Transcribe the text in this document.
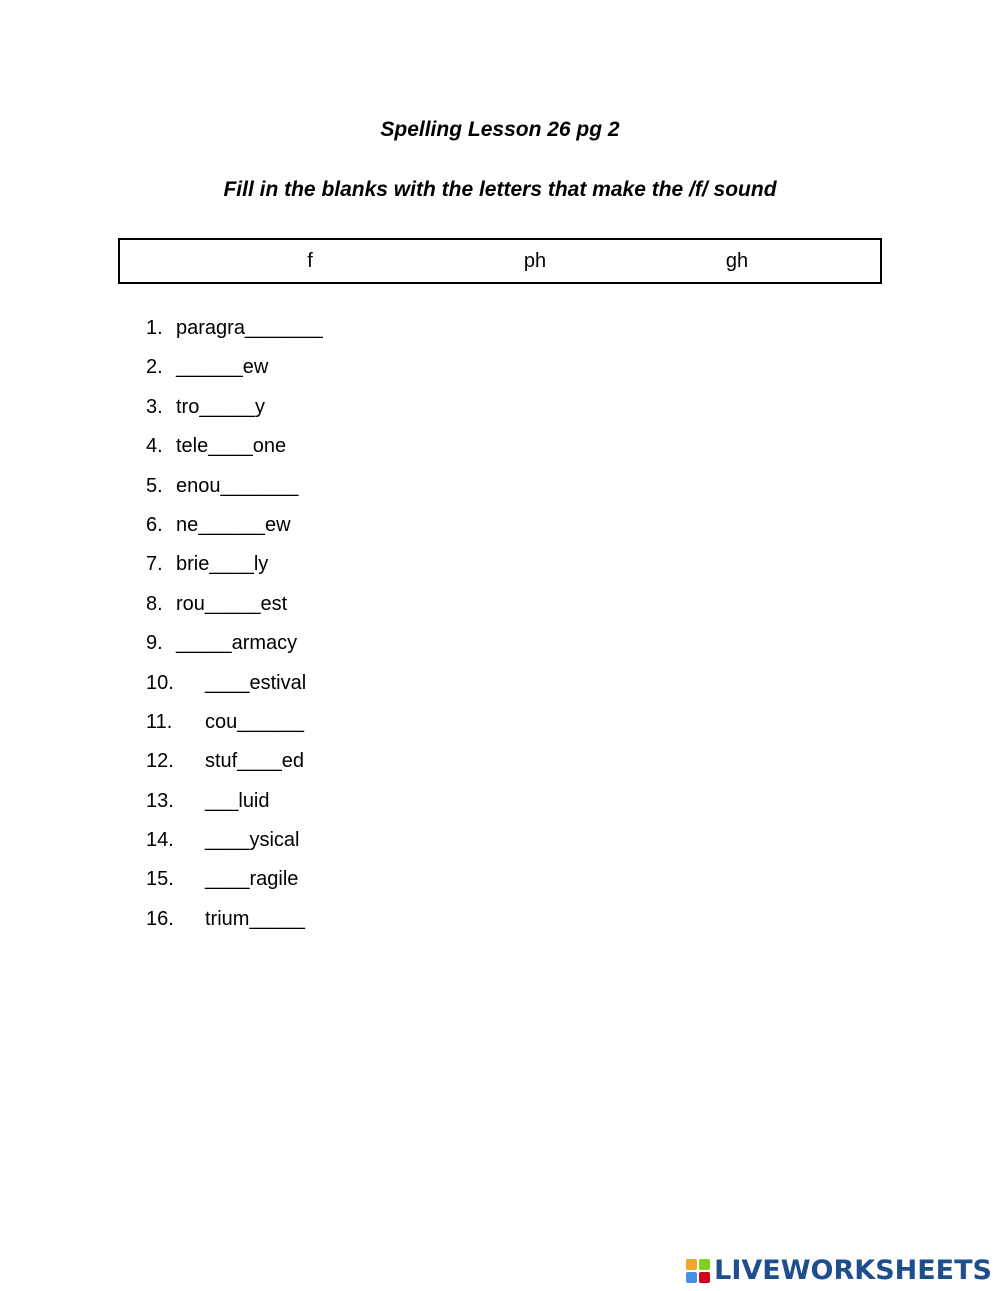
Spelling Lesson 26 pg 2
Fill in the blanks with the letters that make the /f/ sound
f	ph	gh
1. paragra_______
2. ______ew
3. tro_____y
4. tele____one
5. enou_______
6. ne______ew
7. brie____ly
8. rou_____est
9. _____armacy
10. ____estival
11. cou______
12. stuf____ed
13. ___luid
14. ____ysical
15. ____ragile
16. trium_____
LIVEWORKSHEETS
